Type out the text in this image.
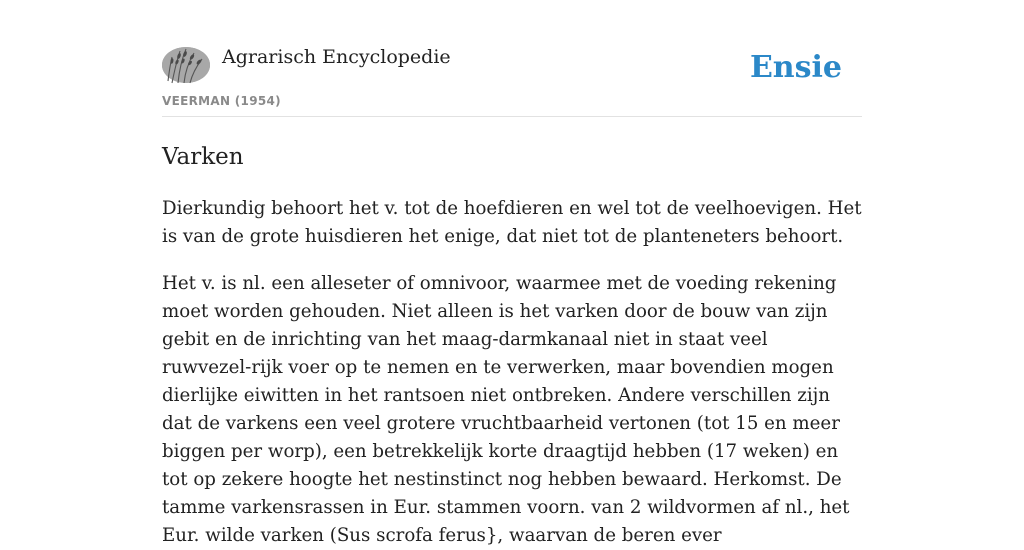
Agrarisch Encyclopedie
VEERMAN (1954)
Ensie
Varken

Dierkundig behoort het v. tot de hoefdieren en wel tot de veelhoevigen. Het is van de grote huisdieren het enige, dat niet tot de planteneters behoort.

Het v. is nl. een alleseter of omnivoor, waarmee met de voeding rekening moet worden gehouden. Niet alleen is het varken door de bouw van zijn gebit en de inrichting van het maag-darmkanaal niet in staat veel ruwvezel-rijk voer op te nemen en te verwerken, maar bovendien mogen dierlijke eiwitten in het rantsoen niet ontbreken. Andere verschillen zijn dat de varkens een veel grotere vruchtbaarheid vertonen (tot 15 en meer biggen per worp), een betrekkelijk korte draagtijd hebben (17 weken) en tot op zekere hoogte het nestinstinct nog hebben bewaard. Herkomst. De tamme varkensrassen in Eur. stammen voorn. van 2 wildvormen af nl., het Eur. wilde varken (Sus scrofa ferus}, waarvan de beren ever
